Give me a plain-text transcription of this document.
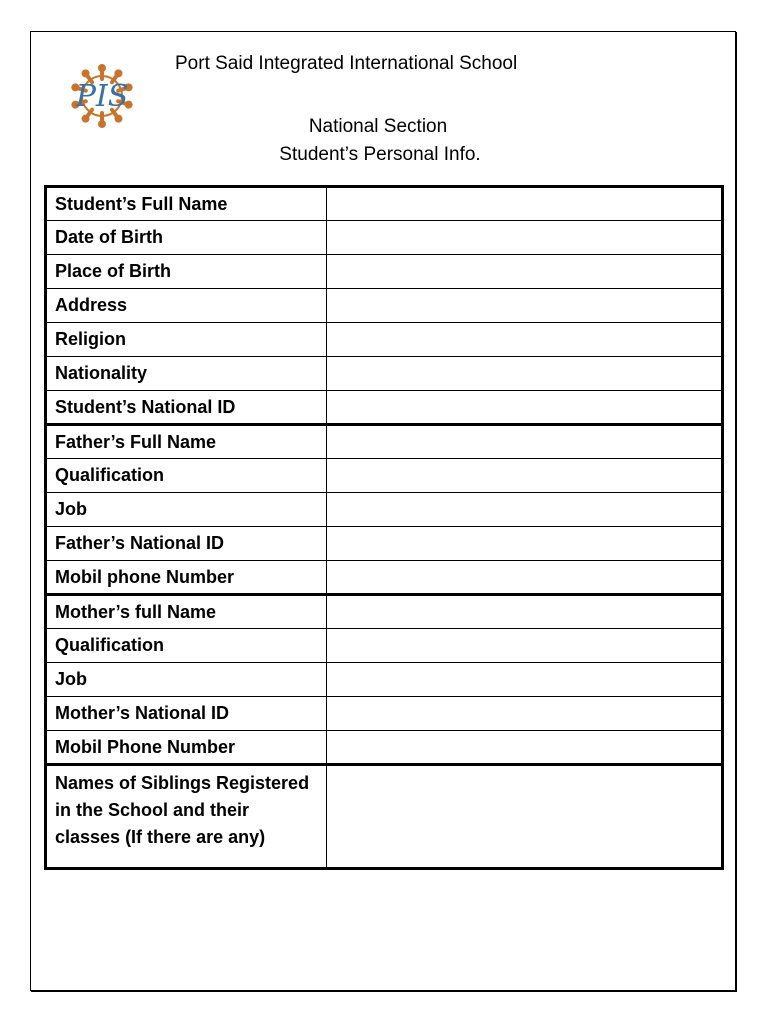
PIS
Port Said Integrated International School
National Section
Student’s Personal Info.
Student’s Full Name	
Date of Birth	
Place of Birth	
Address	
Religion	
Nationality	
Student’s National ID	
Father’s Full Name	
Qualification	
Job	
Father’s National ID	
Mobil phone Number	
Mother’s full Name	
Qualification	
Job	
Mother’s National ID	
Mobil Phone Number	
Names of Siblings Registered in the School and their classes (If there are any)	
